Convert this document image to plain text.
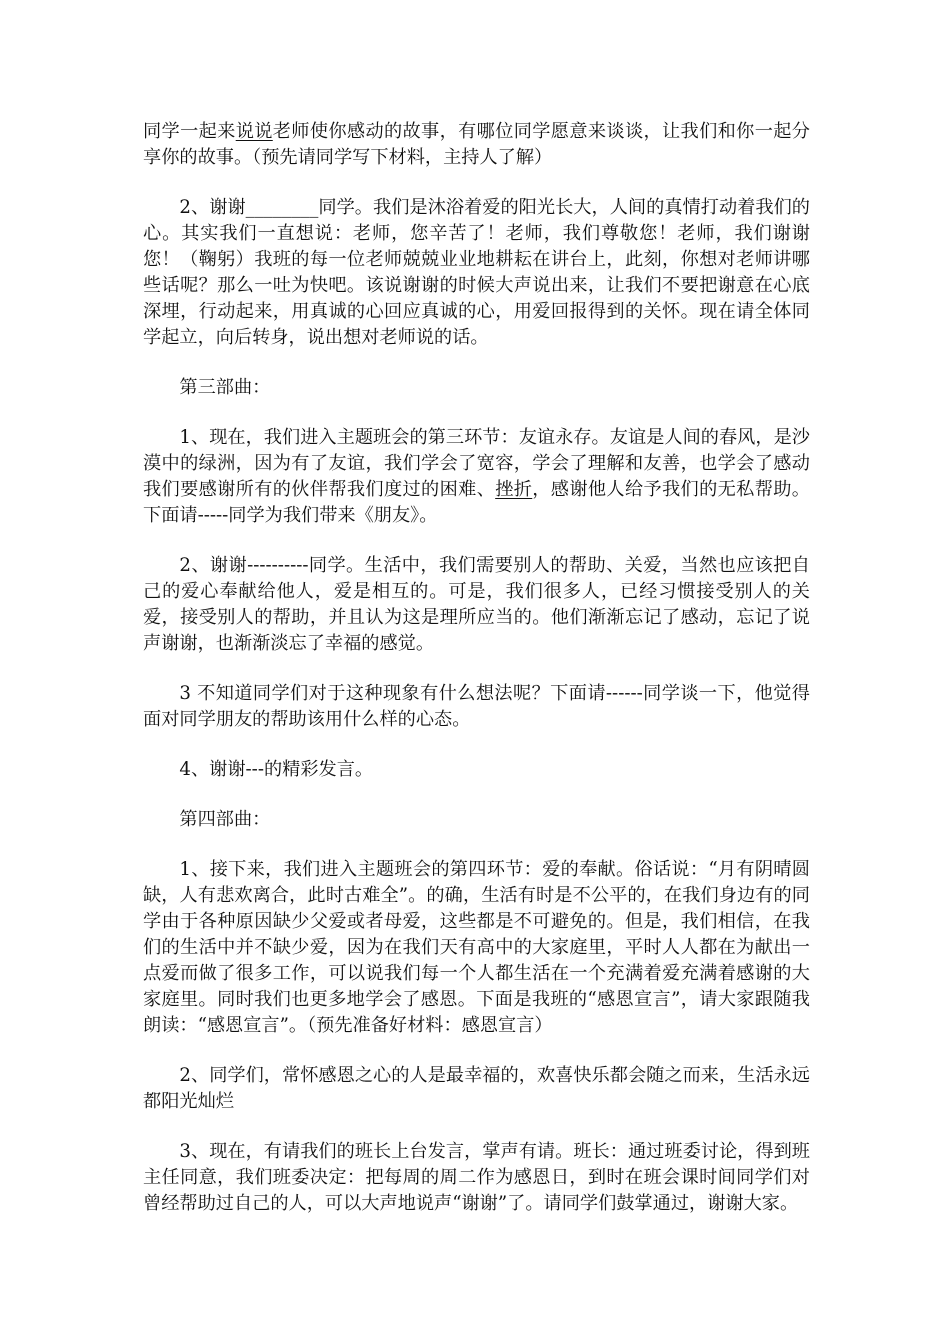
同学一起来说说老师使你感动的故事，有哪位同学愿意来谈谈，让我们和你一起分享你的故事。（预先请同学写下材料，主持人了解）

2、谢谢________同学。我们是沐浴着爱的阳光长大，人间的真情打动着我们的心。其实我们一直想说：老师，您辛苦了！老师，我们尊敬您！老师，我们谢谢您！（鞠躬）我班的每一位老师兢兢业业地耕耘在讲台上，此刻，你想对老师讲哪些话呢？那么一吐为快吧。该说谢谢的时候大声说出来，让我们不要把谢意在心底深埋，行动起来，用真诚的心回应真诚的心，用爱回报得到的关怀。现在请全体同学起立，向后转身，说出想对老师说的话。

第三部曲：

1、现在，我们进入主题班会的第三环节：友谊永存。友谊是人间的春风，是沙漠中的绿洲，因为有了友谊，我们学会了宽容，学会了理解和友善，也学会了感动我们要感谢所有的伙伴帮我们度过的困难、挫折，感谢他人给予我们的无私帮助。下面请-----同学为我们带来《朋友》。

2、谢谢----------同学。生活中，我们需要别人的帮助、关爱，当然也应该把自己的爱心奉献给他人，爱是相互的。可是，我们很多人，已经习惯接受别人的关爱，接受别人的帮助，并且认为这是理所应当的。他们渐渐忘记了感动，忘记了说声谢谢，也渐渐淡忘了幸福的感觉。

3 不知道同学们对于这种现象有什么想法呢？下面请------同学谈一下，他觉得面对同学朋友的帮助该用什么样的心态。

4、谢谢---的精彩发言。

第四部曲：

1、接下来，我们进入主题班会的第四环节：爱的奉献。俗话说：“月有阴晴圆缺，人有悲欢离合，此时古难全”。的确，生活有时是不公平的，在我们身边有的同学由于各种原因缺少父爱或者母爱，这些都是不可避免的。但是，我们相信，在我们的生活中并不缺少爱，因为在我们天有高中的大家庭里，平时人人都在为献出一点爱而做了很多工作，可以说我们每一个人都生活在一个充满着爱充满着感谢的大家庭里。同时我们也更多地学会了感恩。下面是我班的“感恩宣言”，请大家跟随我朗读：“感恩宣言”。（预先准备好材料：感恩宣言）

2、同学们，常怀感恩之心的人是最幸福的，欢喜快乐都会随之而来，生活永远都阳光灿烂

3、现在，有请我们的班长上台发言，掌声有请。班长：通过班委讨论，得到班主任同意，我们班委决定：把每周的周二作为感恩日，到时在班会课时间同学们对曾经帮助过自己的人，可以大声地说声“谢谢”了。请同学们鼓掌通过，谢谢大家。
